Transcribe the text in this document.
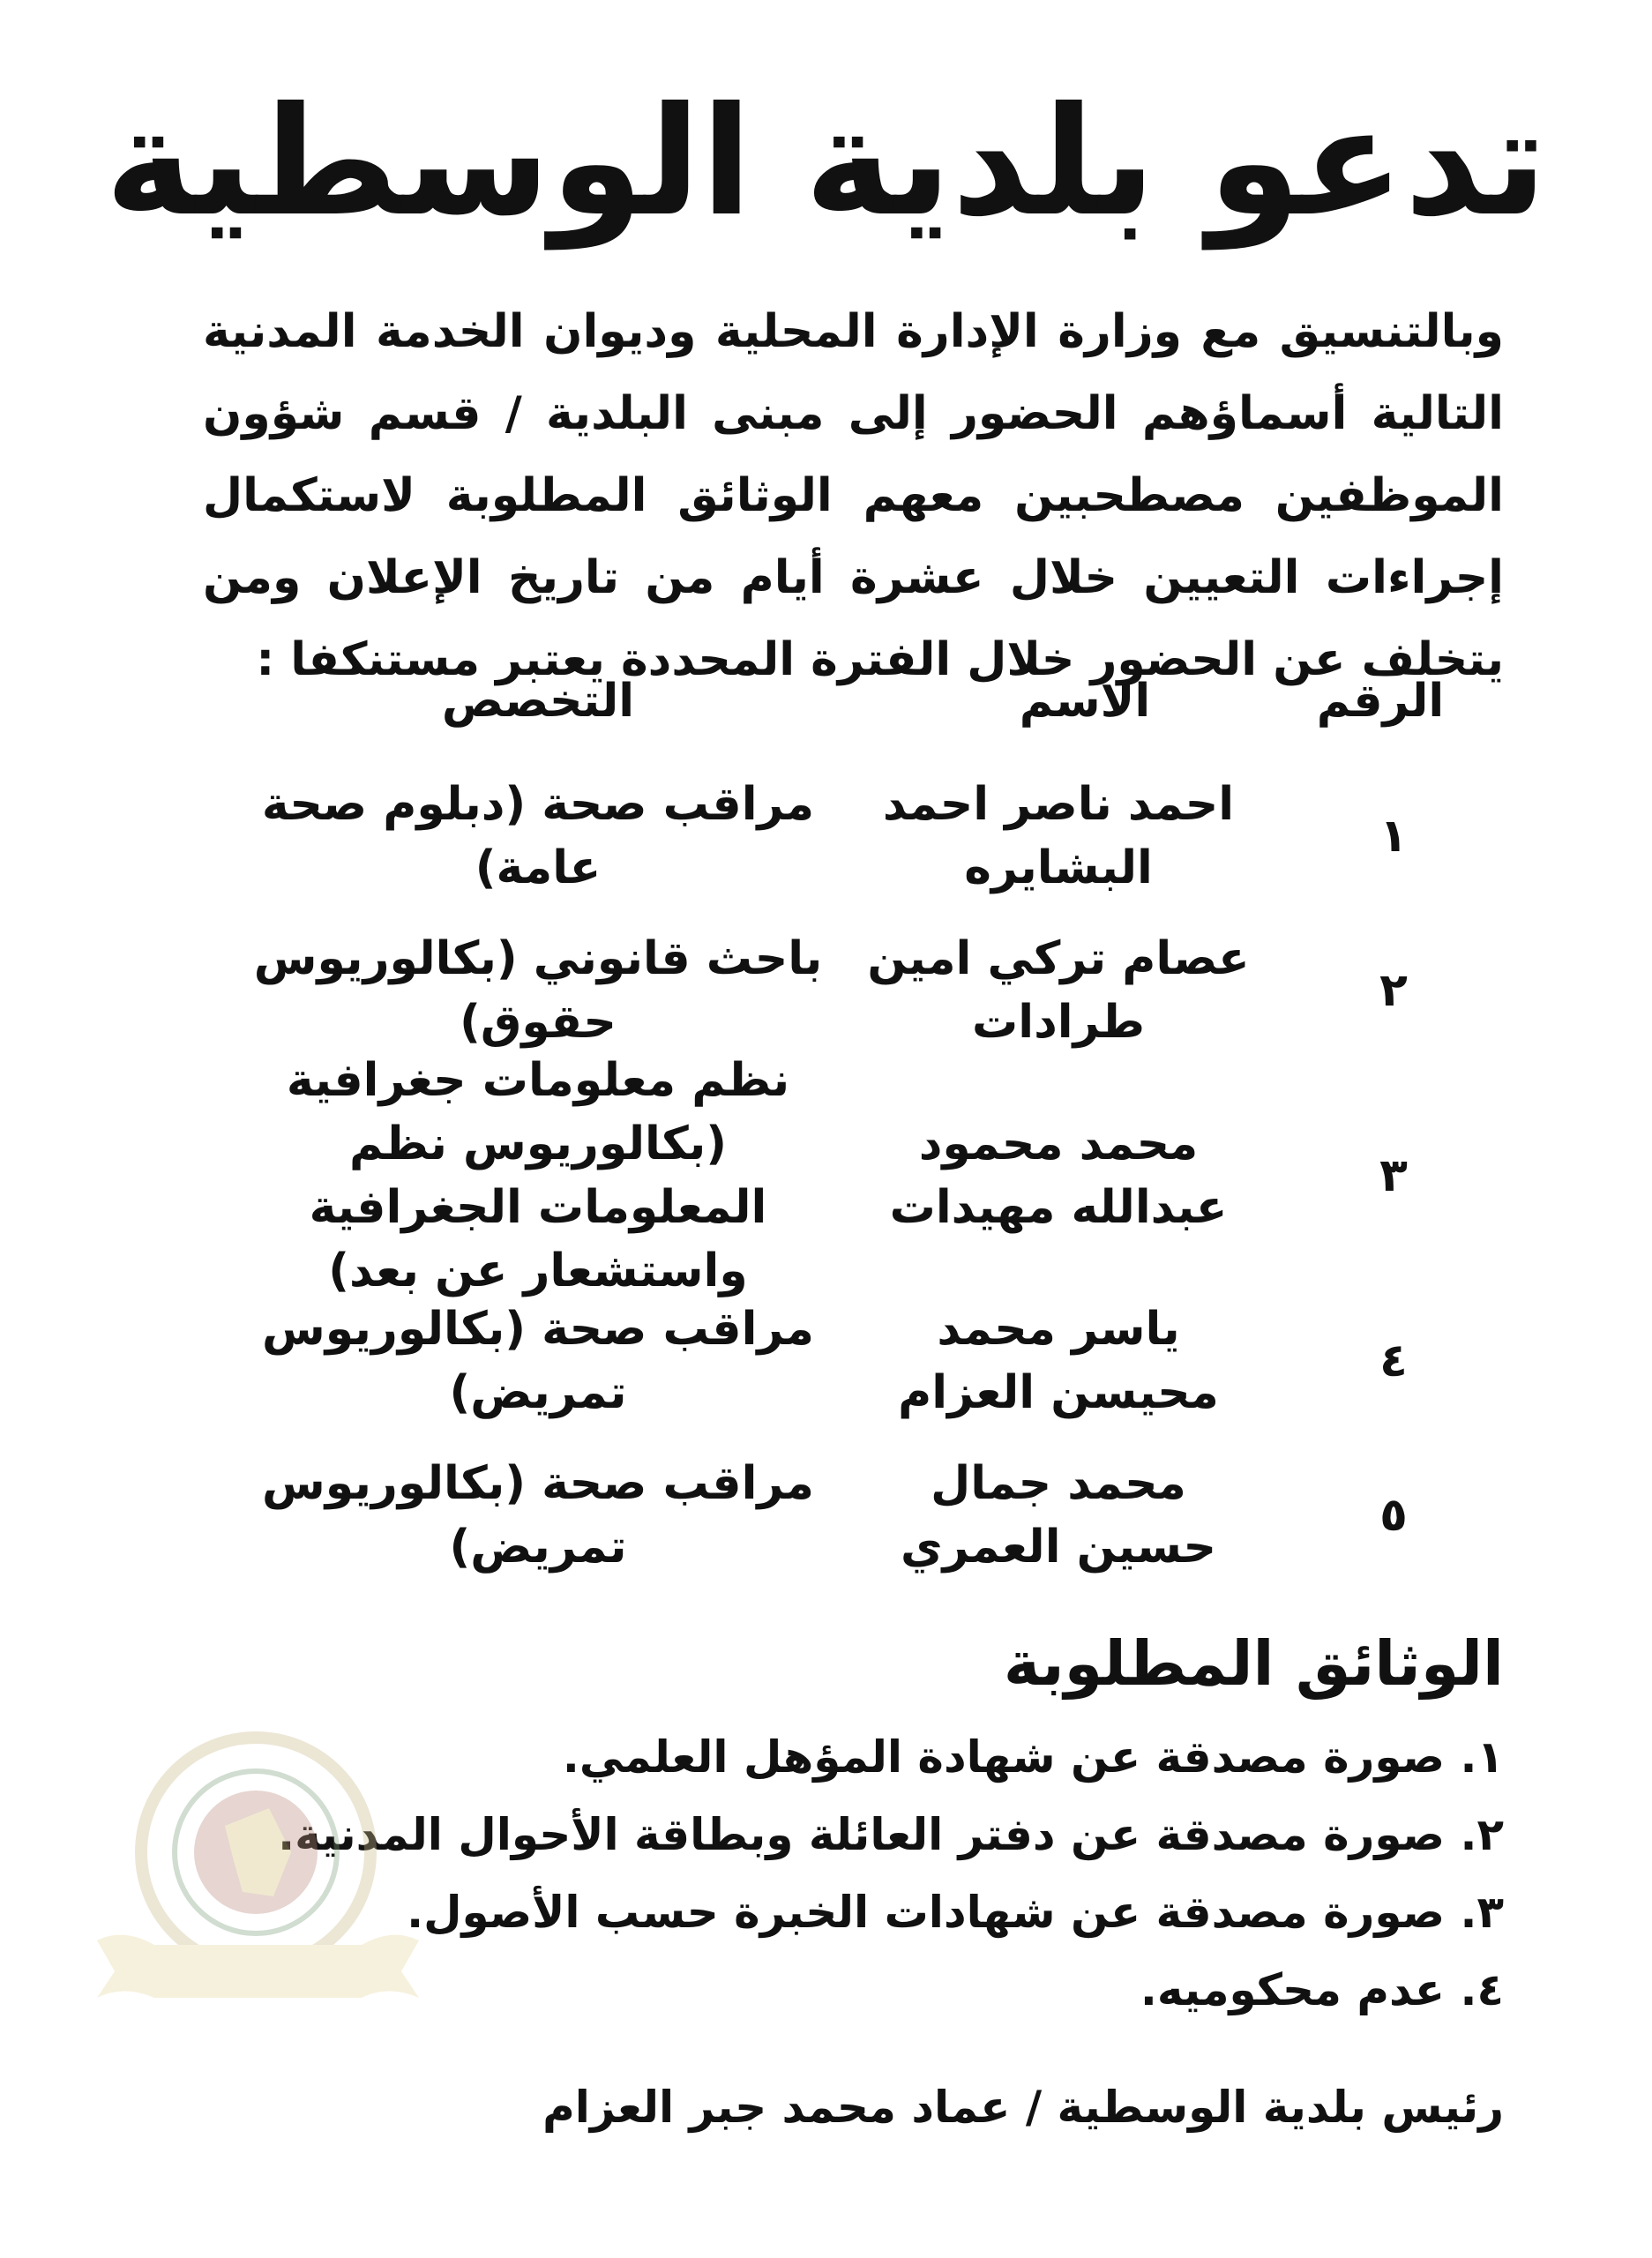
تدعو بلدية الوسطية

وبالتنسيق مع وزارة الإدارة المحلية وديوان الخدمة المدنية التالية أسماؤهم الحضور إلى مبنى البلدية / قسم شؤون الموظفين مصطحبين معهم الوثائق المطلوبة لاستكمال إجراءات التعيين خلال عشرة أيام من تاريخ الإعلان ومن يتخلف عن الحضور خلال الفترة المحددة يعتبر مستنكفا :

الرقم
الاسم
التخصص
١
احمد ناصر احمد البشايره
مراقب صحة (دبلوم صحة عامة)
٢
عصام تركي امين طرادات
باحث قانوني (بكالوريوس حقوق)
٣
محمد محمود عبدالله مهيدات
نظم معلومات جغرافية (بكالوريوس نظم المعلومات الجغرافية واستشعار عن بعد)
٤
ياسر محمد محيسن العزام
مراقب صحة (بكالوريوس تمريض)
٥
محمد جمال حسين العمري
مراقب صحة (بكالوريوس تمريض)
الوثائق المطلوبة
١. صورة مصدقة عن شهادة المؤهل العلمي.
٢. صورة مصدقة عن دفتر العائلة وبطاقة الأحوال المدنية.
٣. صورة مصدقة عن شهادات الخبرة حسب الأصول.
٤. عدم محكوميه.
رئيس بلدية الوسطية / عماد محمد جبر العزام
